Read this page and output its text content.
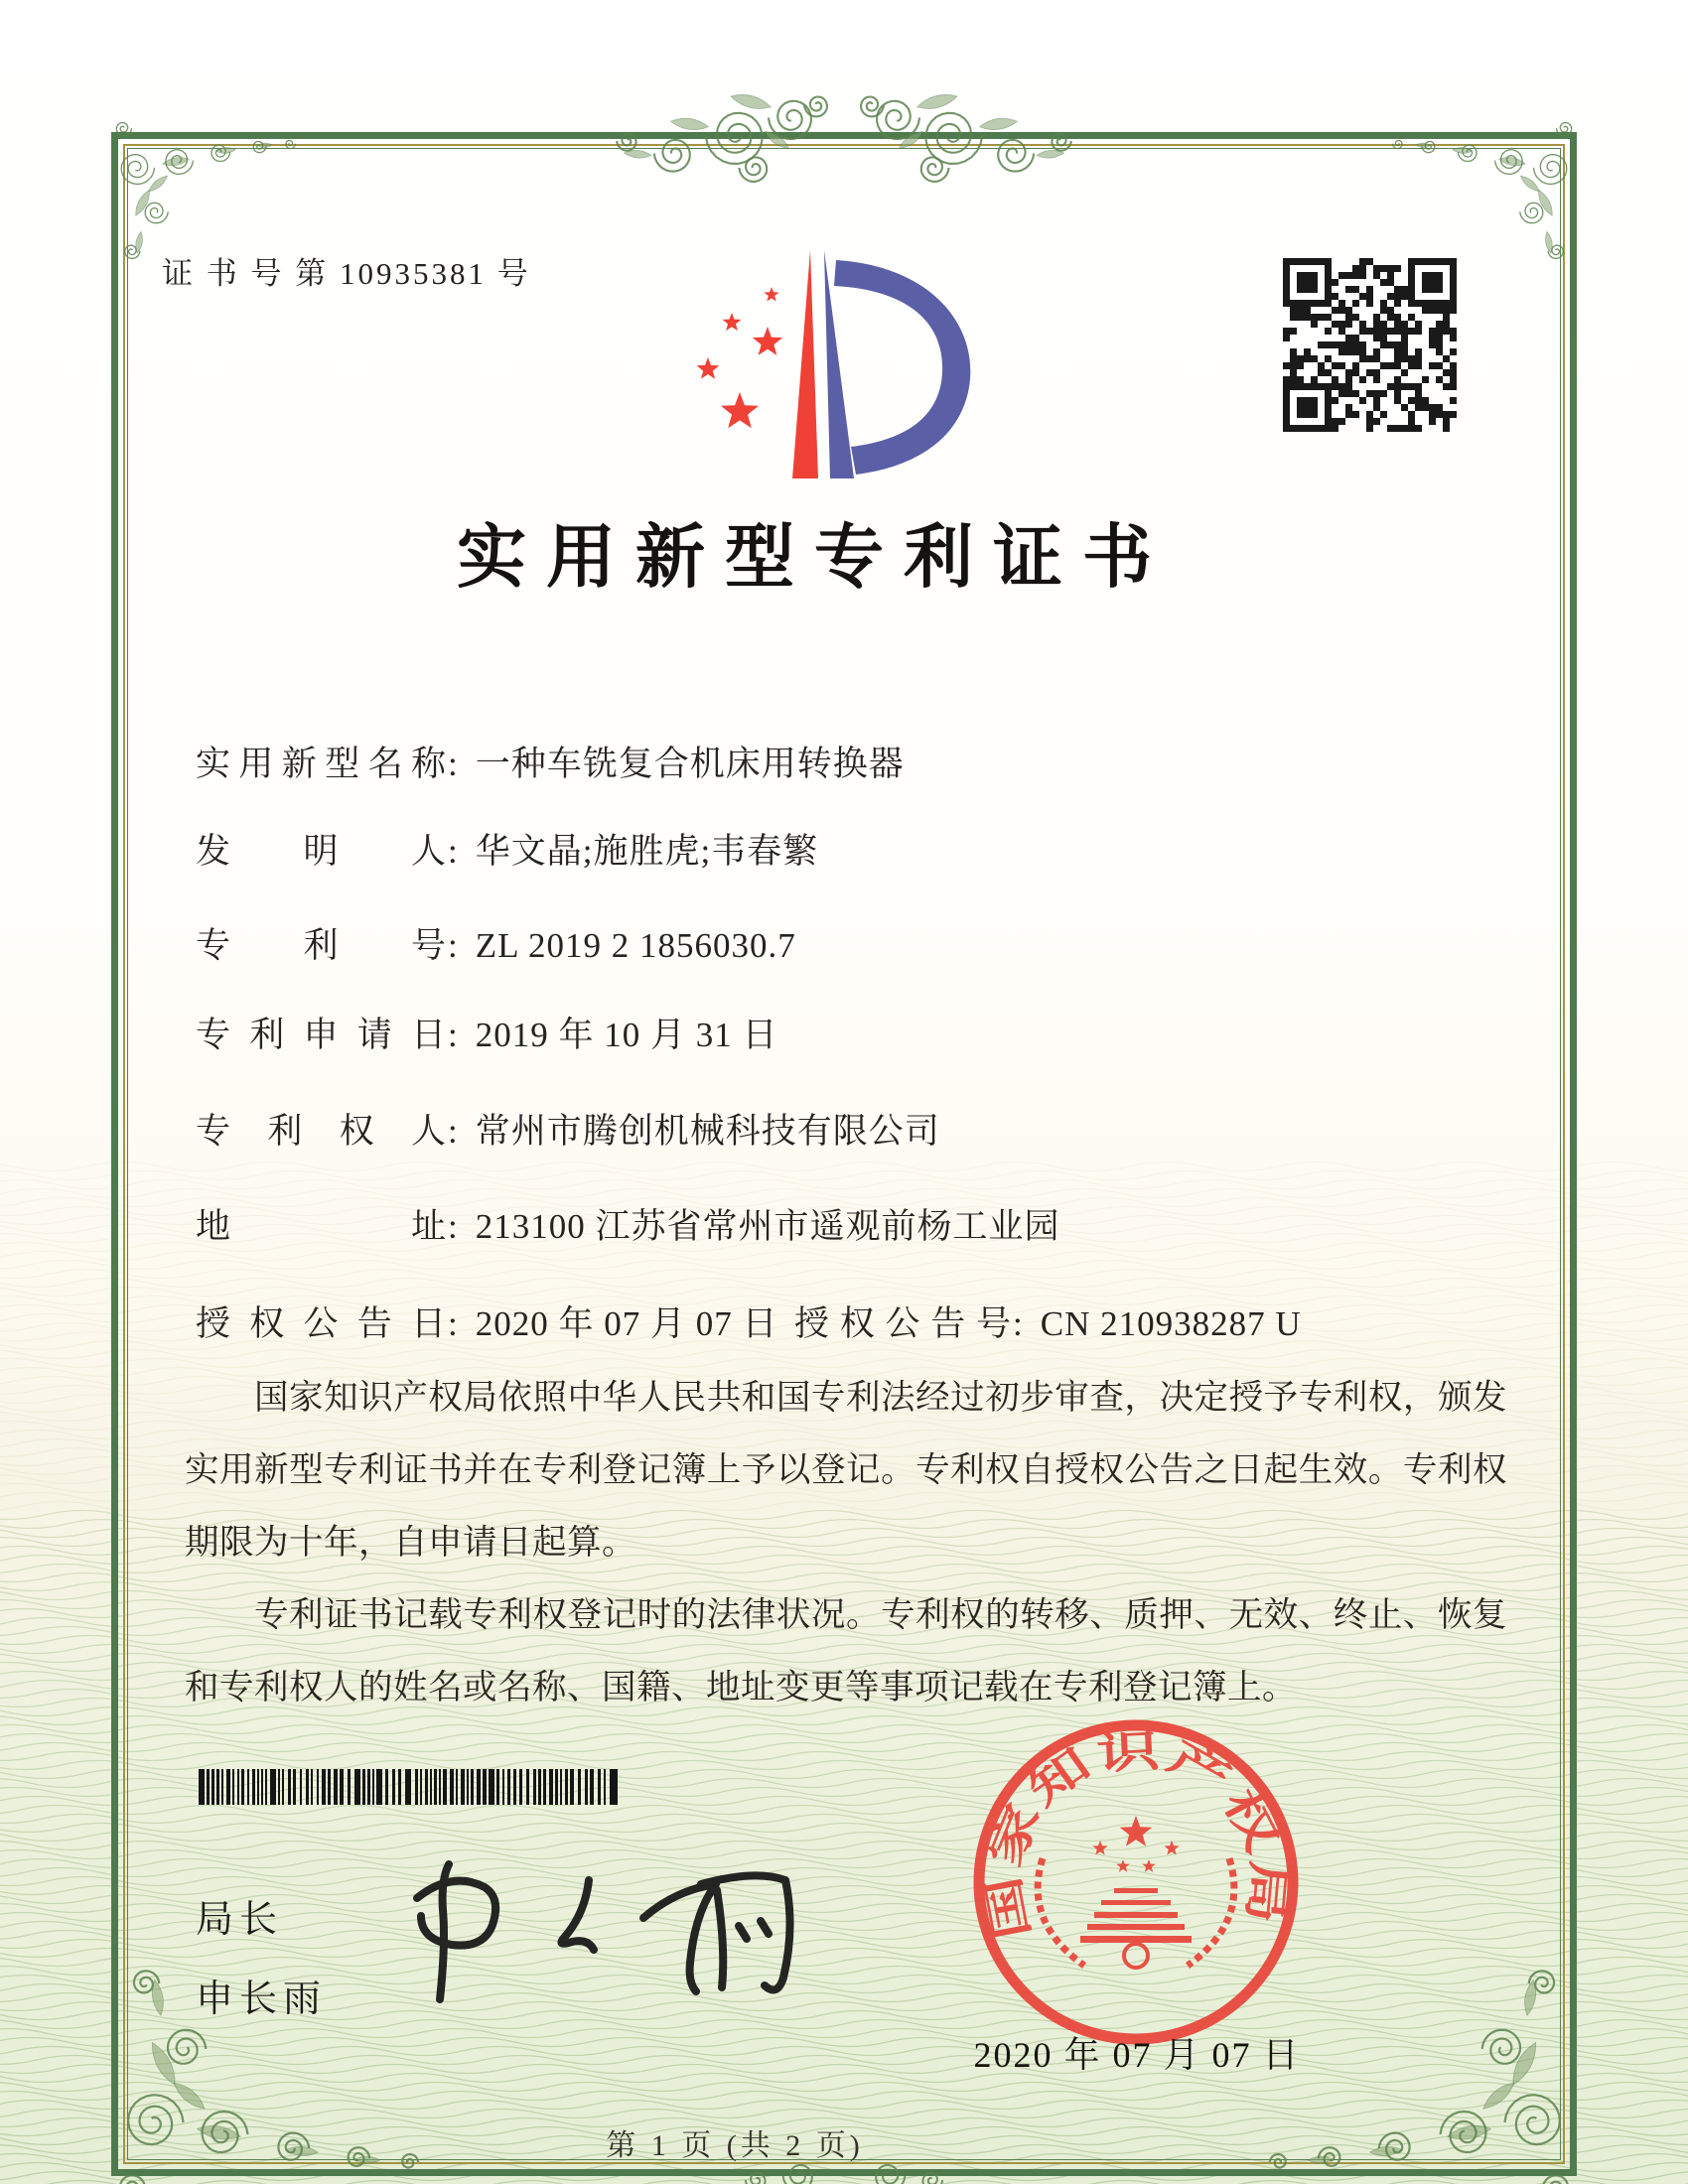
证 书 号 第 10935381 号
实用新型专利证书
实 用 新 型 名 称 : 一种车铣复合机床用转换器
发 明 人 : 华文晶;施胜虎;韦春繁
专 利 号 : ZL 2019 2 1856030.7
专 利 申 请 日 : 2019 年 10 月 31 日
专 利 权 人 : 常州市腾创机械科技有限公司
地	址 : 213100 江苏省常州市遥观前杨工业园
授 权 公 告 日 : 2020 年 07 月 07 日 授 权 公 告 号 : CN 210938287 U

国家知识产权局依照中华人民共和国专利法经过初步审查，决定授予专利权，颁发实用新型专利证书并在专利登记簿上予以登记。专利权自授权公告之日起生效。专利权期限为十年，自申请日起算。

专利证书记载专利权登记时的法律状况。专利权的转移、质押、无效、终止、恢复和专利权人的姓名或名称、国籍、地址变更等事项记载在专利登记簿上。

局长
申长雨
国家知识产权局
2020 年 07 月 07 日
第 1 页 (共 2 页)
